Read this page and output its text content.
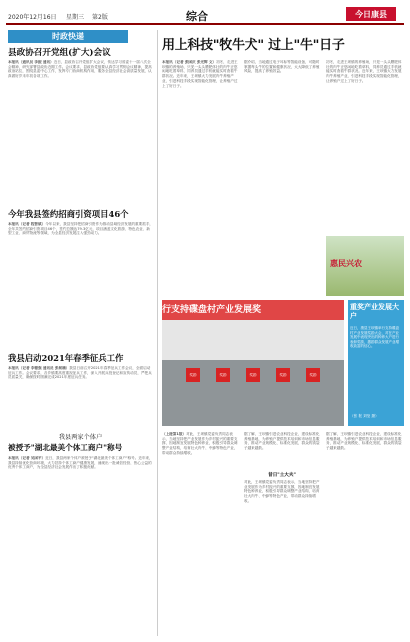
2020年12月16日 星期三 第2版	综合	今日康县
时政快递
县政协召开党组(扩大)会议
本报讯（通讯员 李振 通讯）近日，县政协召开党组扩大会议，传达学习省委十一届八次全会精神，研究部署县政协近期工作。会议要求，县政协党组要认真学习贯彻会议精神，提高政治站位，围绕县委中心工作，发挥专门协商机构作用，服务全县经济社会高质量发展，认真做好岁末年初各项工作。
今年我县签约招商引资项目46个
本报讯（记者 程智斌）今年以来，我县坚持把招商引资作为推动县域经济发展的重要抓手，全年共签约招商引资项目46个，签约总额达79.3亿元，项目涵盖文化旅游、特色农业、新型工业、商贸物流等领域，为全县经济发展注入强劲动力。
我县启动2021年春季征兵工作
本报讯（记者 李德强 通讯员 张柯楠）我县日前召开2021年春季征兵工作会议，全面启动征兵工作。会议要求，各乡镇要高度重视征兵工作，深入开展兵役登记和宣传动员，严把兵员质量关，确保按时圆满完成2021年度征兵任务。
我县两家个体户
被授予"湖北最美个体工商户"称号
本报讯（记者 吴国平）近日，我县两家个体户被授予"湖北最美个体工商户"称号。近年来，我县持续优化营商环境，大力扶持个体工商户健康发展，涌现出一批诚信经营、热心公益的优秀个体工商户，为全县经济社会发展作出了积极贡献。
用上科技"牧牛犬" 过上"牛"日子
本报讯（记者 张国庆 张光辉 文）初冬，走进王坝镇的养殖场，只见一头头膘肥体壮的肉牛正悠闲地吃着草料，饲养员通过手机就能实时查看牛群状况。近年来，王坝镇大力发展肉牛养殖产业，引进科技手段实现智能化管理，让养殖户过上了好日子。
据介绍，当地通过电子耳标等智能设备，可随时掌握每头牛的位置和健康状况，大大降低了养殖风险，提高了养殖效益。
初冬，走进王坝镇的养殖场，只见一头头膘肥体壮的肉牛正悠闲地吃着草料，饲养员通过手机就能实时查看牛群状况。近年来，王坝镇大力发展肉牛养殖产业，引进科技手段实现智能化管理，让养殖户过上了好日子。
惠民兴农
行支持碟盘村产业发展奖
奖励	奖励	奖励	奖励	奖励
重奖产业发展大户
近日，康县王坝镇举行支持碟盘村产业发展奖励大会，对在产业发展中表现突出的种养大户进行表彰奖励，激励群众发展产业增收致富的信心。
（张 报 刘莹 摄）
（上接第1版）对此，王坝镇党委负责同志表示，当地坚持把产业发展作为乡村振兴的重要支撑，因地制宜发展特色种养业，积极引导群众调整产业结构，培育壮大肉牛、中蜂等特色产业，带动群众持续增收。
昔日"土大夫"
据了解，王坝镇引进农业科技企业，建设标准化养殖基地，为养殖户提供技术培训和市场信息服务，推动产业规模化、标准化发展，群众的钱袋子越来越鼓。
对此，王坝镇党委负责同志表示，当地坚持把产业发展作为乡村振兴的重要支撑，因地制宜发展特色种养业，积极引导群众调整产业结构，培育壮大肉牛、中蜂等特色产业，带动群众持续增收。
据了解，王坝镇引进农业科技企业，建设标准化养殖基地，为养殖户提供技术培训和市场信息服务，推动产业规模化、标准化发展，群众的钱袋子越来越鼓。
